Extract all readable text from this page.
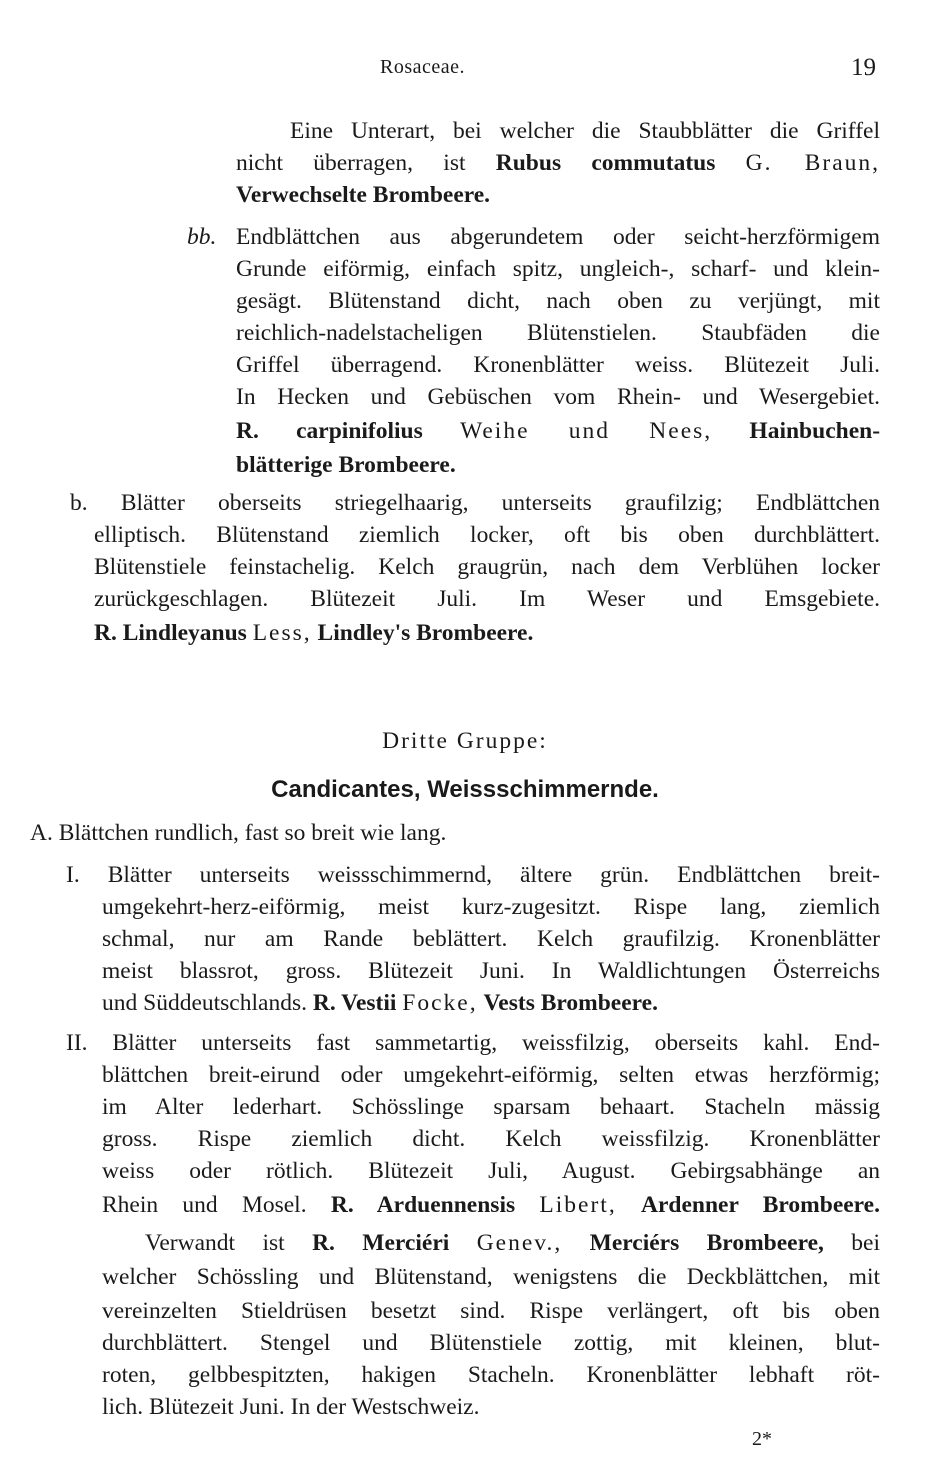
Rosaceae.	19
Eine Unterart, bei welcher die Staubblätter die Griffel
nicht überragen, ist Rubus commutatus G. Braun,
Verwechselte Brombeere.
bb. Endblättchen aus abgerundetem oder seicht-herzförmigem
Grunde eiförmig, einfach spitz, ungleich-, scharf- und klein-
gesägt. Blütenstand dicht, nach oben zu verjüngt, mit
reichlich-nadelstacheligen Blütenstielen. Staubfäden die
Griffel überragend. Kronenblätter weiss. Blütezeit Juli.
In Hecken und Gebüschen vom Rhein- und Wesergebiet.
R. carpinifolius Weihe und Nees, Hainbuchen-
blätterige Brombeere.
b. Blätter oberseits striegelhaarig, unterseits graufilzig; Endblättchen
elliptisch. Blütenstand ziemlich locker, oft bis oben durchblättert.
Blütenstiele feinstachelig. Kelch graugrün, nach dem Verblühen locker
zurückgeschlagen. Blütezeit Juli. Im Weser und Emsgebiete.
R. Lindleyanus Less, Lindley's Brombeere.
Dritte Gruppe:
Candicantes, Weissschimmernde.
A. Blättchen rundlich, fast so breit wie lang.
I. Blätter unterseits weissschimmernd, ältere grün. Endblättchen breit-
umgekehrt-herz-eiförmig, meist kurz-zugesitzt. Rispe lang, ziemlich
schmal, nur am Rande beblättert. Kelch graufilzig. Kronenblätter
meist blassrot, gross. Blütezeit Juni. In Waldlichtungen Österreichs
und Süddeutschlands. R. Vestii Focke, Vests Brombeere.
II. Blätter unterseits fast sammetartig, weissfilzig, oberseits kahl. End-
blättchen breit-eirund oder umgekehrt-eiförmig, selten etwas herzförmig;
im Alter lederhart. Schösslinge sparsam behaart. Stacheln mässig
gross. Rispe ziemlich dicht. Kelch weissfilzig. Kronenblätter
weiss oder rötlich. Blütezeit Juli, August. Gebirgsabhänge an
Rhein und Mosel. R. Arduennensis Libert, Ardenner Brombeere.
Verwandt ist R. Merciéri Genev., Merciérs Brombeere, bei
welcher Schössling und Blütenstand, wenigstens die Deckblättchen, mit
vereinzelten Stieldrüsen besetzt sind. Rispe verlängert, oft bis oben
durchblättert. Stengel und Blütenstiele zottig, mit kleinen, blut-
roten, gelbbespitzten, hakigen Stacheln. Kronenblätter lebhaft röt-
lich. Blütezeit Juni. In der Westschweiz.
2*
